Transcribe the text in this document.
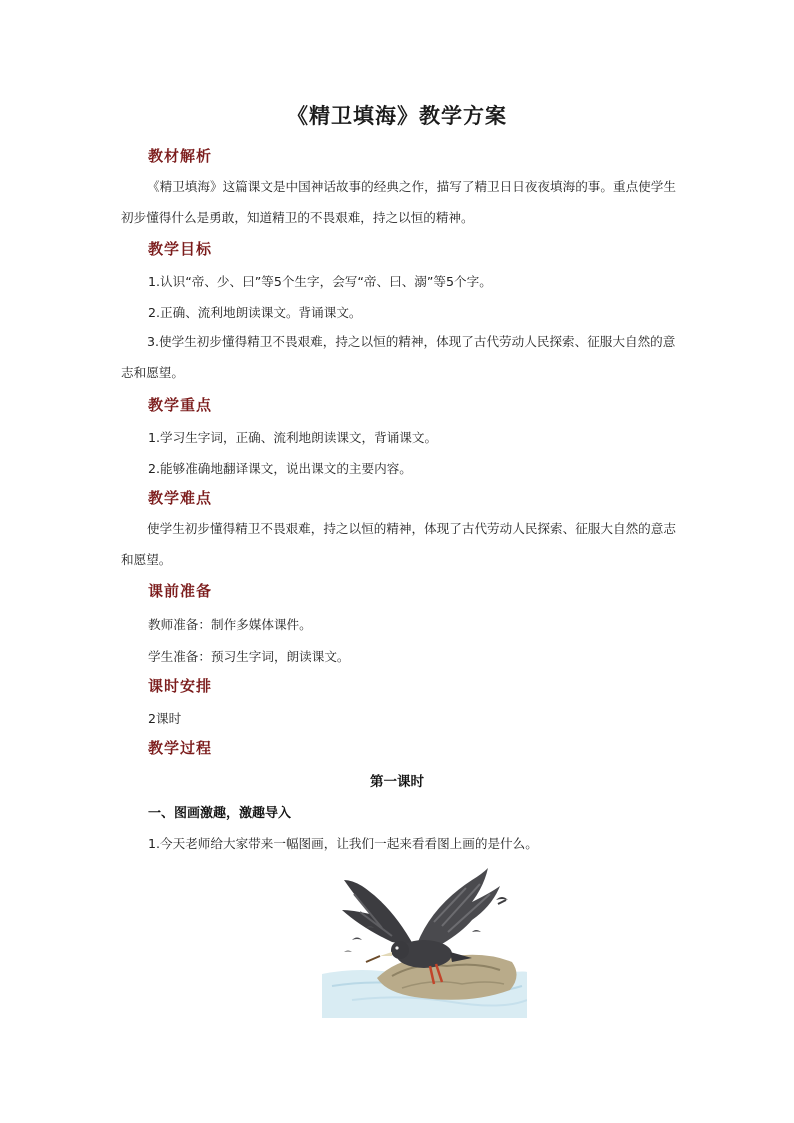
《精卫填海》教学方案
教材解析
《精卫填海》这篇课文是中国神话故事的经典之作，描写了精卫日日夜夜填海的事。重点使学生初步懂得什么是勇敢，知道精卫的不畏艰难，持之以恒的精神。
教学目标
1.认识“帝、少、曰”等5个生字，会写“帝、曰、溺”等5个字。
2.正确、流利地朗读课文。背诵课文。
3.使学生初步懂得精卫不畏艰难，持之以恒的精神，体现了古代劳动人民探索、征服大自然的意志和愿望。
教学重点
1.学习生字词，正确、流利地朗读课文，背诵课文。
2.能够准确地翻译课文，说出课文的主要内容。
教学难点
使学生初步懂得精卫不畏艰难，持之以恒的精神，体现了古代劳动人民探索、征服大自然的意志和愿望。
课前准备
教师准备：制作多媒体课件。
学生准备：预习生字词，朗读课文。
课时安排
2课时
教学过程
第一课时
一、图画激趣，激趣导入
1.今天老师给大家带来一幅图画，让我们一起来看看图上画的是什么。
